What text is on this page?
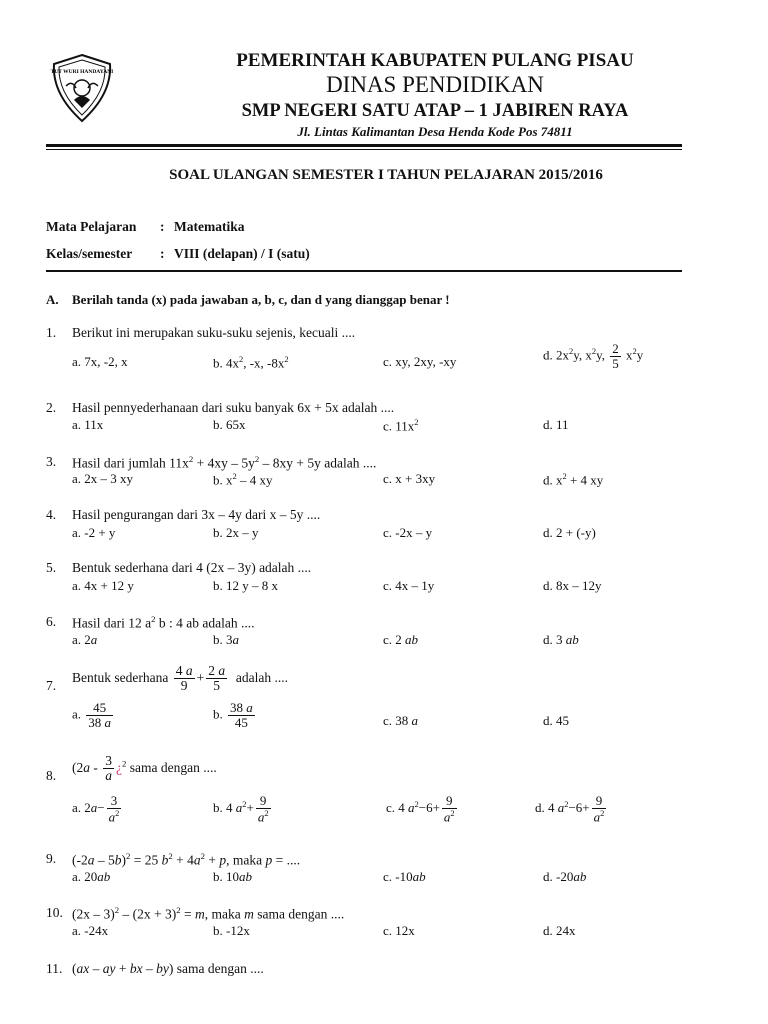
TUT WURI HANDAYANI
PEMERINTAH KABUPATEN PULANG PISAU
DINAS PENDIDIKAN
SMP NEGERI SATU ATAP – 1 JABIREN RAYA
Jl. Lintas Kalimantan Desa Henda Kode Pos 74811
SOAL ULANGAN SEMESTER I TAHUN PELAJARAN 2015/2016
Mata Pelajaran : Matematika
Kelas/semester : VIII (delapan) / I (satu)
A. Berilah tanda (x) pada jawaban a, b, c, dan d yang dianggap benar !
1. Berikut ini merupakan suku-suku sejenis, kecuali ....
a. 7x, -2, x	b. $4x^2$, -x, $-8x^2$	c. xy, 2xy, -xy	d. $2x^2y$, $x^2y$, $\frac{2}{5} x^2y$
2. Hasil pennyederhanaan dari suku banyak 6x + 5x adalah ....
a. 11x	b. 65x	c. $11x^2$	d. 11
3. Hasil dari jumlah $11x^2 + 4xy - 5y^2 - 8xy + 5y$ adalah ....
a. 2x – 3 xy	b. $x^2 - 4$ xy	c. x + 3xy	d. $x^2 + 4$ xy
4. Hasil pengurangan dari 3x – 4y dari x – 5y ....
a. -2 + y	b. 2x – y	c. -2x – y	d. 2 + (-y)
5. Bentuk sederhana dari 4 (2x – 3y) adalah ....
a. 4x + 12 y	b. 12 y – 8 x	c. 4x – 1y	d. 8x – 12y
6. Hasil dari 12 $a^2$ b : 4 ab adalah ....
a. 2a	b. 3a	c. 2 ab	d. 3 ab
7.
Bentuk sederhana $\frac{4 a}{9} + \frac{2 a}{5}$ adalah ....
a. $\frac{45}{38 a}$	b. $\frac{38 a}{45}$	c. 38 a	d. 45
8.
($2a - \frac{3}{a}$ ¿$^2$ sama dengan ....
a. $2a- \frac{3}{a^2}$	b. 4 $a^2+ \frac{9}{a^2}$	c. 4 $a^2-6+ \frac{9}{a^2}$	d. 4 $a^2-6+ \frac{9}{a^2}$
9. (-2a – 5b)$^2$ = 25 $b^2 + 4a^2 + p$, maka p = ....
a. 20ab	b. 10ab	c. -10ab	d. -20ab
10. $(2x - 3)^2 - (2x + 3)^2 = m$, maka m sama dengan ....
a. -24x	b. -12x	c. 12x	d. 24x
11. (ax – ay + bx – by) sama dengan ....
